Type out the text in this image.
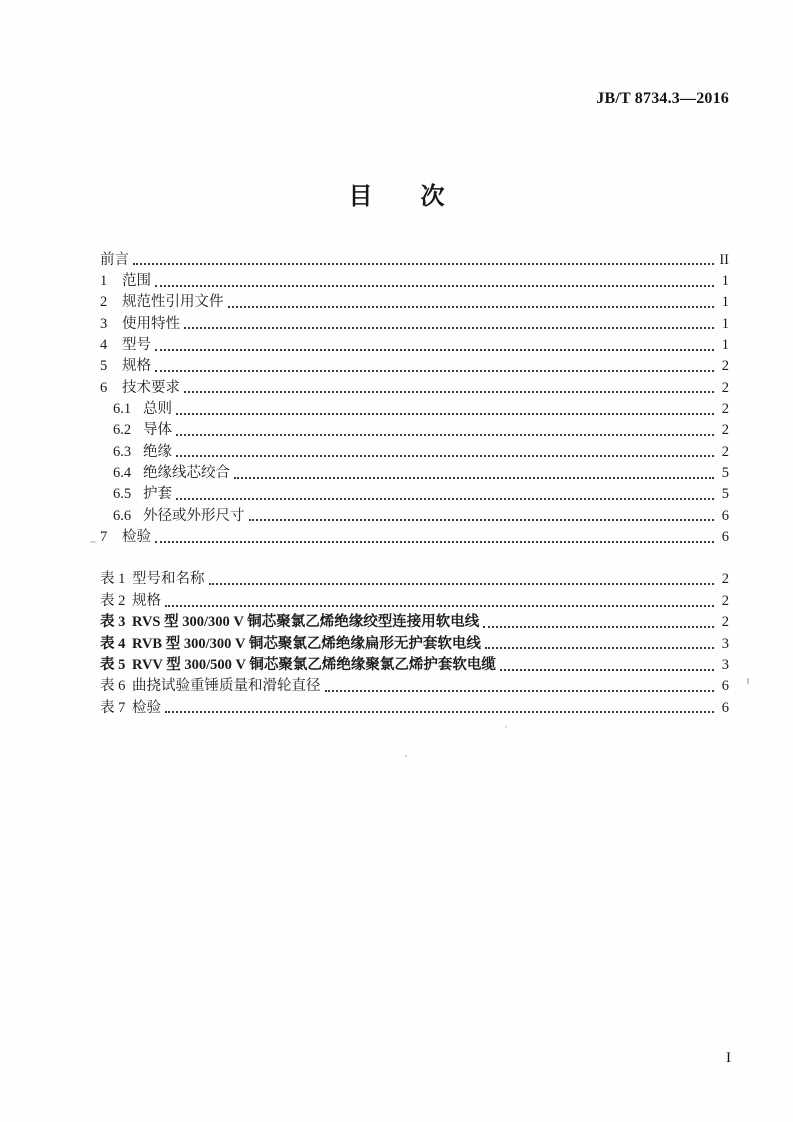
JB/T 8734.3—2016
目　　次
前言	II
1	范围	1
2	规范性引用文件	1
3	使用特性	1
4	型号	1
5	规格	2
6	技术要求	2
6.1 总则	2
6.2 导体	2
6.3 绝缘	2
6.4 绝缘线芯绞合	5
6.5 护套	5
6.6 外径或外形尺寸	6
7	检验	6
表 1 型号和名称	2
表 2 规格	2
表 3 RVS 型 300/300 V 铜芯聚氯乙烯绝缘绞型连接用软电线	2
表 4 RVB 型 300/300 V 铜芯聚氯乙烯绝缘扁形无护套软电线	3
表 5 RVV 型 300/500 V 铜芯聚氯乙烯绝缘聚氯乙烯护套软电缆	3
表 6 曲挠试验重锤质量和滑轮直径	6
表 7 检验	6
I
